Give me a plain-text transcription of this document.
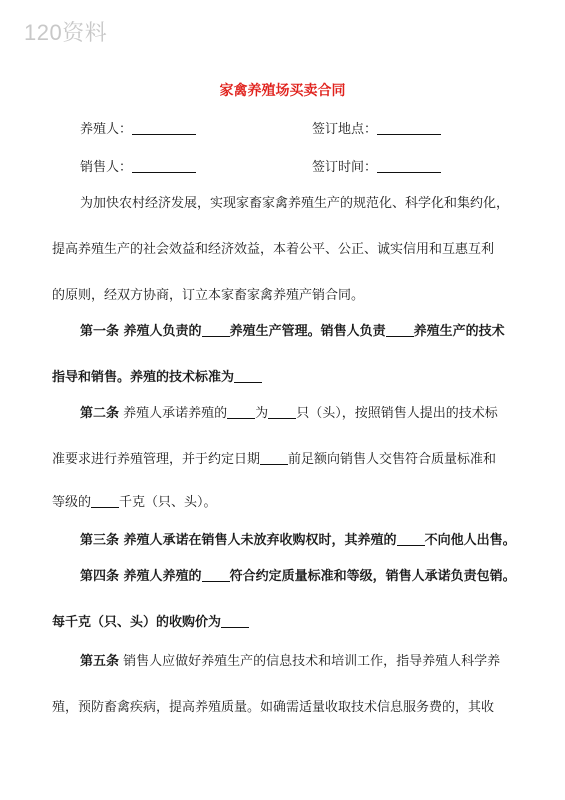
120资料
家禽养殖场买卖合同
养殖人：	签订地点：
销售人：	签订时间：
为加快农村经济发展，实现家畜家禽养殖生产的规范化、科学化和集约化，
提高养殖生产的社会效益和经济效益，本着公平、公正、诚实信用和互惠互利
的原则，经双方协商，订立本家畜家禽养殖产销合同。
第一条 养殖人负责的 养殖生产管理。销售人负责 养殖生产的技术
指导和销售。养殖的技术标准为
第二条 养殖人承诺养殖的 为 只（头），按照销售人提出的技术标
准要求进行养殖管理，并于约定日期 前足额向销售人交售符合质量标准和
等级的 千克（只、头）。
第三条 养殖人承诺在销售人未放弃收购权时，其养殖的 不向他人出售。
第四条 养殖人养殖的 符合约定质量标准和等级，销售人承诺负责包销。
每千克（只、头）的收购价为
第五条 销售人应做好养殖生产的信息技术和培训工作，指导养殖人科学养
殖，预防畜禽疾病，提高养殖质量。如确需适量收取技术信息服务费的，其收
